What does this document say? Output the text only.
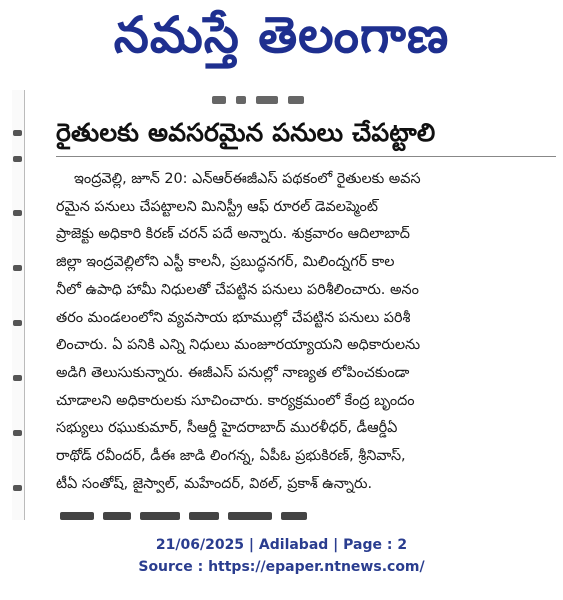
నమస్తే తెలంగాణ
రైతులకు అవసరమైన పనులు చేపట్టాలి
ఇంద్రవెల్లి, జూన్ 20: ఎన్ఆర్ఈజీఎస్ పథకంలో రైతులకు అవస
రమైన పనులు చేపట్టాలని మినిస్ట్రీ ఆఫ్ రూరల్ డెవలప్మెంట్
ప్రాజెక్టు అధికారి కిరణ్ చరన్ పదే అన్నారు. శుక్రవారం ఆదిలాబాద్
జిల్లా ఇంద్రవెల్లిలోని ఎస్టీ కాలనీ, ప్రబుద్ధనగర్, మిలింద్నగర్ కాల
నీలో ఉపాధి హామీ నిధులతో చేపట్టిన పనులు పరిశీలించారు. అనం
తరం మండలంలోని వ్యవసాయ భూముల్లో చేపట్టిన పనులు పరిశీ
లించారు. ఏ పనికి ఎన్ని నిధులు మంజూరయ్యాయని అధికారులను
అడిగి తెలుసుకున్నారు. ఈజీఎస్ పనుల్లో నాణ్యత లోపించకుండా
చూడాలని అధికారులకు సూచించారు. కార్యక్రమంలో కేంద్ర బృందం
సభ్యులు రఘుకుమార్, సీఆర్డీ హైదరాబాద్ మురళీధర్, డీఆర్డీఏ
రాథోడ్ రవీందర్, డీఈ జాడి లింగన్న, ఏపీఓ ప్రభుకిరణ్, శ్రీనివాస్,
టీఏ సంతోష్, జైస్వాల్, మహేందర్, విఠల్, ప్రకాశ్ ఉన్నారు.
21/06/2025 | Adilabad | Page : 2
Source : https://epaper.ntnews.com/
